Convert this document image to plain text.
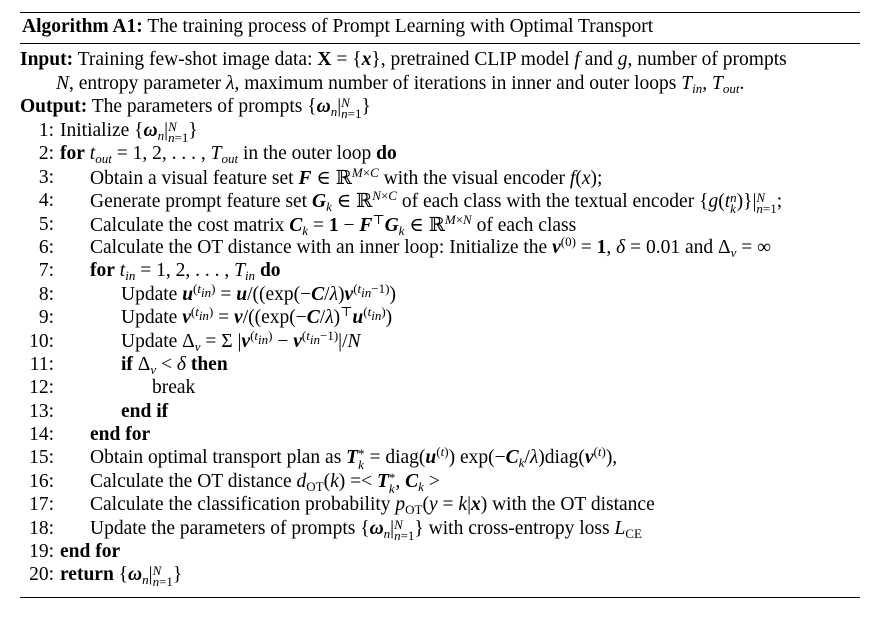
Algorithm A1: The training process of Prompt Learning with Optimal Transport
Input: Training few-shot image data: X = {x}, pretrained CLIP model f and g, number of prompts
N, entropy parameter λ, maximum number of iterations in inner and outer loops $T_{in}$, $T_{out}$.
Output: The parameters of prompts {$\omega_n|N$
n=1}
1: Initialize {$\omega_n|N$
n=1}
2: for $t_{out} = 1$, 2, . . . , $T_{out}$ in the outer loop do
3: Obtain a visual feature set F ∈ ℝ$^{M\times C}$ with the visual encoder f(x);
4: Generate prompt feature set $G_k$ ∈ ℝ$^{N\times C}$ of each class with the textual encoder {g(tn
k)}|N
n=1;
5: Calculate the cost matrix $C_k = 1 - F^⊤G_k$ ∈ ℝ$^{M\times N}$ of each class
6: Calculate the OT distance with an inner loop: Initialize the $v^{(0)} = 1$, δ = 0.01 and $\Delta_v$ = ∞
7: for $t_{in} = 1$, 2, . . . , $T_{in}$ do
8:	Update $u^{(t_{in})} = u/((\exp(-C/\lambda)v^{(t_{in}-1)})$
9:	Update $v^{(t_{in})} = v/((\exp(-C/\lambda)^⊤u^{(t_{in})})$
10:	Update $\Delta_v = \Sigma$ $|v^{(t_{in})} - v^{(t_{in}-1)}|/N$
11:	if $\Delta_v < \delta$ then
12:	break
13:	end if
14: end for
15: Obtain optimal transport plan as T*
$k = diag(u^{(t)})$ $\exp(-C_k/\lambda)diag(v^{(t)})$,
16: Calculate the OT distance $d_{OT}(k) =< T*$
k, $C_k$ >
17: Calculate the classification probability $p_{OT}(y = k|x)$ with the OT distance
18: Update the parameters of prompts {$\omega_n|N$
n=1} with cross-entropy loss $L_{CE}$
19: end for
20: return {$\omega_n|N$
n=1}
